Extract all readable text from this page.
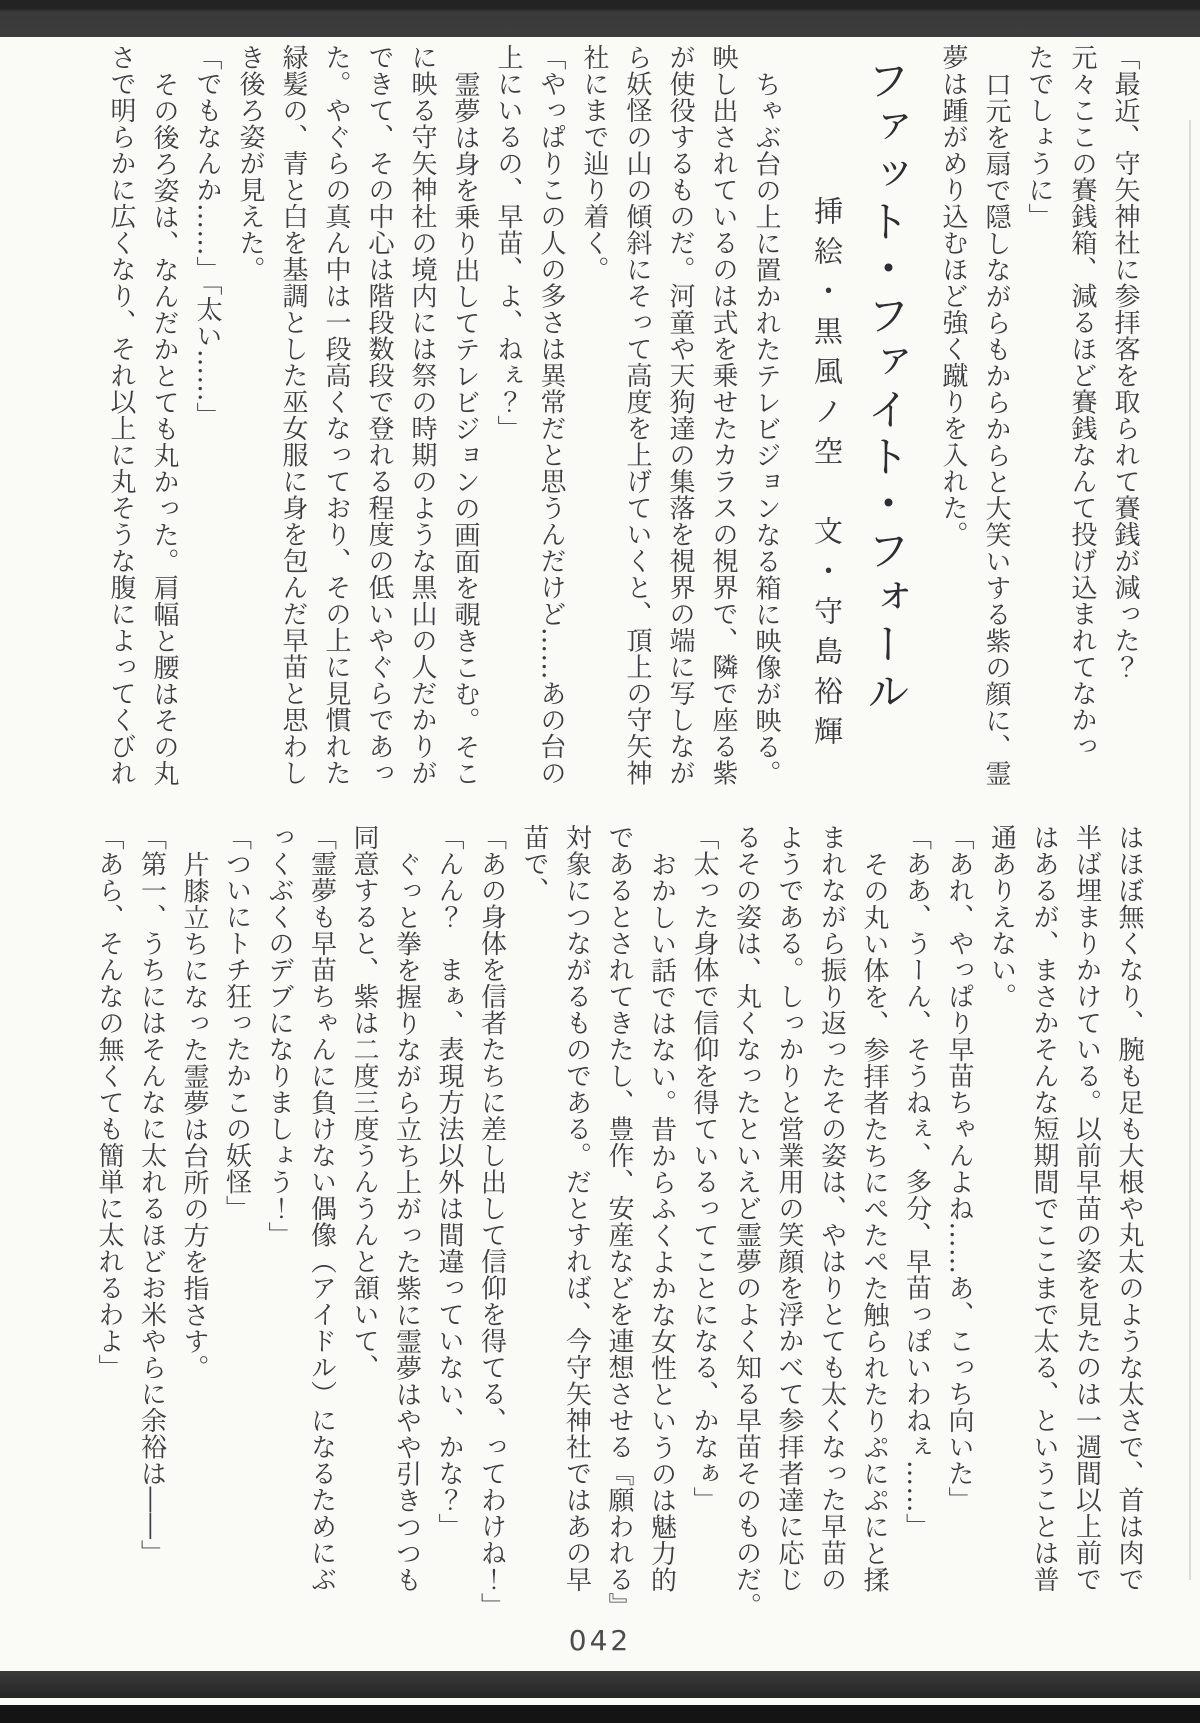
「最近、守矢神社に参拝客を取られて賽銭が減った？

元々ここの賽銭箱、減るほど賽銭なんて投げ込まれてなかっ

たでしょうに」

口元を扇で隠しながらもからからと大笑いする紫の顔に、霊

夢は踵がめり込むほど強く蹴りを入れた。

ファット・ファイト・フォール

挿絵・黒風ノ空　文・守島裕輝

ちゃぶ台の上に置かれたテレビジョンなる箱に映像が映る。

映し出されているのは式を乗せたカラスの視界で、隣で座る紫

が使役するものだ。河童や天狗達の集落を視界の端に写しなが

ら妖怪の山の傾斜にそって高度を上げていくと、頂上の守矢神

社にまで辿り着く。

「やっぱりこの人の多さは異常だと思うんだけど……あの台の

上にいるの、早苗、よ、ねぇ？」

霊夢は身を乗り出してテレビジョンの画面を覗きこむ。そこ

に映る守矢神社の境内には祭の時期のような黒山の人だかりが

できて、その中心は階段数段で登れる程度の低いやぐらであっ

た。やぐらの真ん中は一段高くなっており、その上に見慣れた

緑髪の、青と白を基調とした巫女服に身を包んだ早苗と思わし

き後ろ姿が見えた。

「でもなんか……」「太い……」

その後ろ姿は、なんだかとても丸かった。肩幅と腰はその丸

さで明らかに広くなり、それ以上に丸そうな腹によってくびれ

はほぼ無くなり、腕も足も大根や丸太のような太さで、首は肉で

半ば埋まりかけている。以前早苗の姿を見たのは一週間以上前で

はあるが、まさかそんな短期間でここまで太る、ということは普

通ありえない。

「あれ、やっぱり早苗ちゃんよね……あ、こっち向いた」

「ああ、うーん、そうねぇ、多分、早苗っぽいわねぇ……」

その丸い体を、参拝者たちにぺたぺた触られたりぷにぷにと揉

まれながら振り返ったその姿は、やはりとても太くなった早苗の

ようである。しっかりと営業用の笑顔を浮かべて参拝者達に応じ

るその姿は、丸くなったといえど霊夢のよく知る早苗そのものだ。

「太った身体で信仰を得ているってことになる、かなぁ」

おかしい話ではない。昔からふくよかな女性というのは魅力的

であるとされてきたし、豊作、安産などを連想させる『願われる』

対象につながるものである。だとすれば、今守矢神社ではあの早

苗で、

「あの身体を信者たちに差し出して信仰を得てる、ってわけね！」

「んん？　まぁ、表現方法以外は間違っていない、かな？」

ぐっと拳を握りながら立ち上がった紫に霊夢はやや引きつつも

同意すると、紫は二度三度うんうんと頷いて、

「霊夢も早苗ちゃんに負けない偶像（アイドル）になるためにぶ

っくぶくのデブになりましょう！」

「ついにトチ狂ったかこの妖怪」

片膝立ちになった霊夢は台所の方を指さす。

「第一、うちにはそんなに太れるほどお米やらに余裕は――」

「あら、そんなの無くても簡単に太れるわよ」

042
